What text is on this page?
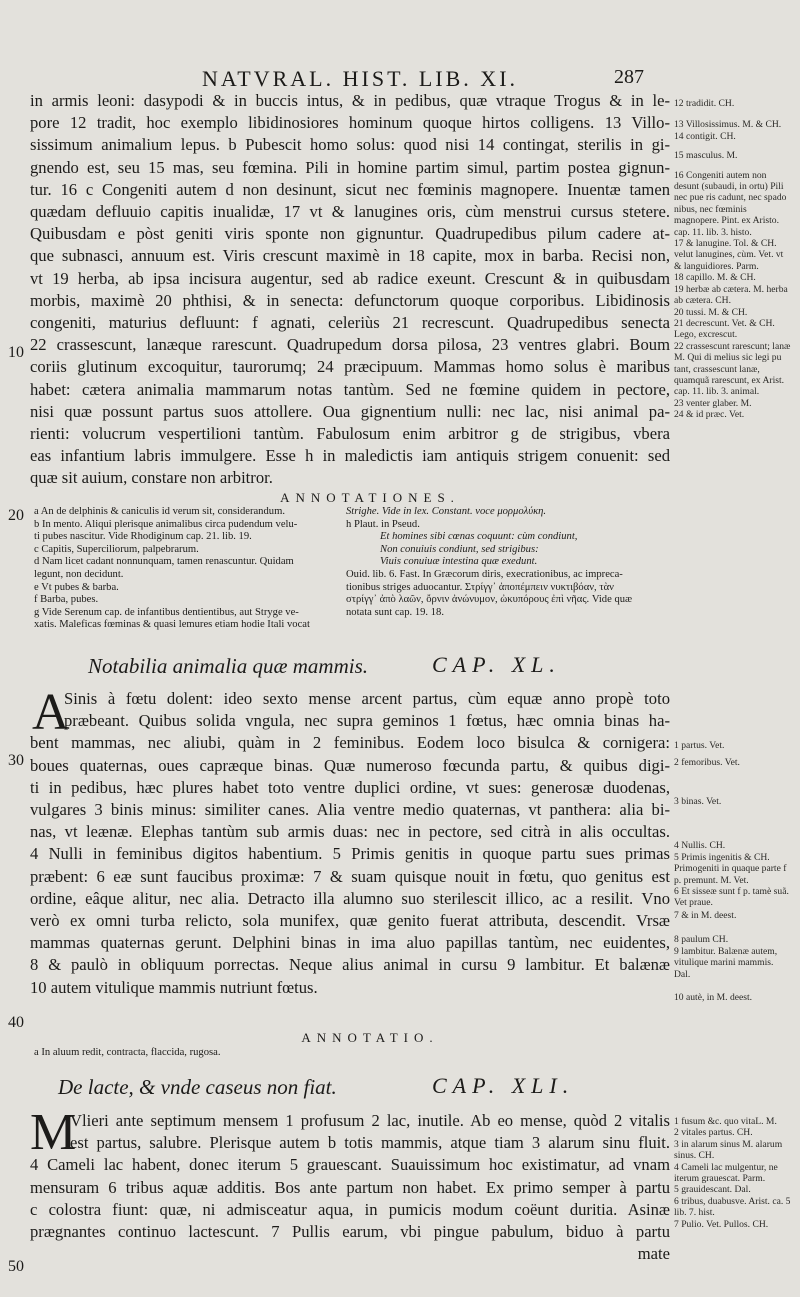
NATVRAL. HIST. LIB. XI.	287
10
20
30
40
50
in armis leoni: dasypodi & in buccis intus, & in pedibus, quæ vtraque Trogus & in le-
pore 12 tradit, hoc exemplo libidinosiores hominum quoque hirtos colligens. 13 Villo-
sissimum animalium lepus. b Pubescit homo solus: quod nisi 14 contingat, sterilis in gi-
gnendo est, seu 15 mas, seu fœmina. Pili in homine partim simul, partim postea gignun-
tur. 16 c Congeniti autem d non desinunt, sicut nec fœminis magnopere. Inuentæ tamen
quædam defluuio capitis inualidæ, 17 vt & lanugines oris, cùm menstrui cursus stetere.
Quibusdam e pòst geniti viris sponte non gignuntur. Quadrupedibus pilum cadere at-
que subnasci, annuum est. Viris crescunt maximè in 18 capite, mox in barba. Recisi non,
vt 19 herba, ab ipsa incisura augentur, sed ab radice exeunt. Crescunt & in quibusdam
morbis, maximè 20 phthisi, & in senecta: defunctorum quoque corporibus. Libidinosis
congeniti, maturius defluunt: f agnati, celeriùs 21 recrescunt. Quadrupedibus senecta
22 crassescunt, lanæque rarescunt. Quadrupedum dorsa pilosa, 23 ventres glabri. Boum
coriis glutinum excoquitur, taurorumq; 24 præcipuum. Mammas homo solus è maribus
habet: cætera animalia mammarum notas tantùm. Sed ne fœmine quidem in pectore,
nisi quæ possunt partus suos attollere. Oua gignentium nulli: nec lac, nisi animal pa-
rienti: volucrum vespertilioni tantùm. Fabulosum enim arbitror g de strigibus, vbera
eas infantium labris immulgere. Esse h in maledictis iam antiquis strigem conuenit: sed
quæ sit auium, constare non arbitror.
12 tradidit. CH.
13 Villosissimus. M. & CH.
14 contigit. CH.
15 masculus. M.
16 Congeniti autem non desunt (subaudi, in ortu) Pili nec pue ris cadunt, nec spado nibus, nec fœminis magnopere. Pint. ex Aristo. cap. 11. lib. 3. histo.
17 & lanugine. Tol. & CH. velut lanugines, cùm. Vet. vt & languidiores. Parm.
18 capillo. M. & CH.
19 herbæ ab cætera. M. herba ab cætera. CH.
20 tussi. M. & CH.
21 decrescunt. Vet. & CH. Lego, excrescut.
22 crassescunt rarescunt; lanæ M. Qui di melius sic legi pu tant, crassescunt lanæ, quamquã rarescunt, ex Arist. cap. 11. lib. 3. animal.
23 venter glaber. M.
24 & id præc. Vet.
ANNOTATIONES.
a An de delphinis & caniculis id verum sit, considerandum.
b In mento. Aliqui plerisque animalibus circa pudendum velu-
ti pubes nascitur. Vide Rhodiginum cap. 21. lib. 19.
c Capitis, Superciliorum, palpebrarum.
d Nam licet cadant nonnunquam, tamen renascuntur. Quidam
legunt, non decidunt.
e Vt pubes & barba.
f Barba, pubes.
g Vide Serenum cap. de infantibus dentientibus, aut Stryge ve-
xatis. Maleficas fœminas & quasi lemures etiam hodie Itali vocat
Strighe. Vide in lex. Constant. voce μορμολύκη.
h Plaut. in Pseud.
Et homines sibi cœnas coquunt: cùm condiunt,
Non conuiuis condiunt, sed strigibus:
Viuis conuiuæ intestina quæ exedunt.
Ouid. lib. 6. Fast. In Græcorum diris, execrationibus, ac impreca-
tionibus striges aduocantur. Στρίγγ᾽ ἀποπέμπειν νυκτιβόαν, τὰν
στρίγγ᾽ ἀπὸ λαῶν, ὄρνιν ἀνώνυμον, ὠκυπόρους ἐπὶ νῆας. Vide quæ
notata sunt cap. 19. 18.
Notabilia animalia quæ mammis.	CAP. XL.
A
Sinis à fœtu dolent: ideo sexto mense arcent partus, cùm equæ anno propè toto
præbeant. Quibus solida vngula, nec supra geminos 1 fœtus, hæc omnia binas ha-
bent mammas, nec aliubi, quàm in 2 feminibus. Eodem loco bisulca & cornigera:
boues quaternas, oues capræque binas. Quæ numeroso fœcunda partu, & quibus digi-
ti in pedibus, hæc plures habet toto ventre duplici ordine, vt sues: generosæ duodenas,
vulgares 3 binis minus: similiter canes. Alia ventre medio quaternas, vt panthera: alia bi-
nas, vt leænæ. Elephas tantùm sub armis duas: nec in pectore, sed citrà in alis occultas.
4 Nulli in feminibus digitos habentium. 5 Primis genitis in quoque partu sues primas
præbent: 6 eæ sunt faucibus proximæ: 7 & suam quisque nouit in fœtu, quo genitus est
ordine, eâque alitur, nec alia. Detracto illa alumno suo sterilescit illico, ac a resilit. Vno
verò ex omni turba relicto, sola munifex, quæ genito fuerat attributa, descendit. Vrsæ
mammas quaternas gerunt. Delphini binas in ima aluo papillas tantùm, nec euidentes,
8 & paulò in obliquum porrectas. Neque alius animal in cursu 9 lambitur. Et balænæ
10 autem vitulique mammis nutriunt fœtus.
1 partus. Vet.
2 femoribus. Vet.
3 binas. Vet.
4 Nullis. CH.
5 Primis ingenitis & CH. Primogeniti in quaque parte f p. premunt. M. Vet.
6 Et sisseæ sunt f p. tamè suã. Vet praue.
7 & in M. deest.
8 paulum CH.
9 lambitur. Balænæ autem, vitulique marini mammis. Dal.
10 autè, in M. deest.
ANNOTATIO.
a In aluum redit, contracta, flaccida, rugosa.
De lacte, & vnde caseus non fiat.	CAP. XLI.
M
Vlieri ante septimum mensem 1 profusum 2 lac, inutile. Ab eo mense, quòd 2 vitalis
est partus, salubre. Plerisque autem b totis mammis, atque tiam 3 alarum sinu fluit.
4 Cameli lac habent, donec iterum 5 grauescant. Suauissimum hoc existimatur, ad vnam
mensuram 6 tribus aquæ additis. Bos ante partum non habet. Ex primo semper à partu
c colostra fiunt: quæ, ni admisceatur aqua, in pumicis modum coëunt duritia. Asinæ
prægnantes continuo lactescunt. 7 Pullis earum, vbi pingue pabulum, biduo à partu
mate
1 fusum &c. quo vitaL. M.
2 vitales partus. CH.
3 in alarum sinus M. alarum sinus. CH.
4 Cameli lac mulgentur, ne iterum grauescat. Parm.
5 grauidescant. Dal.
6 tribus, duabusve. Arist. ca. 5 lib. 7. hist.
7 Pulio. Vet. Pullos. CH.
